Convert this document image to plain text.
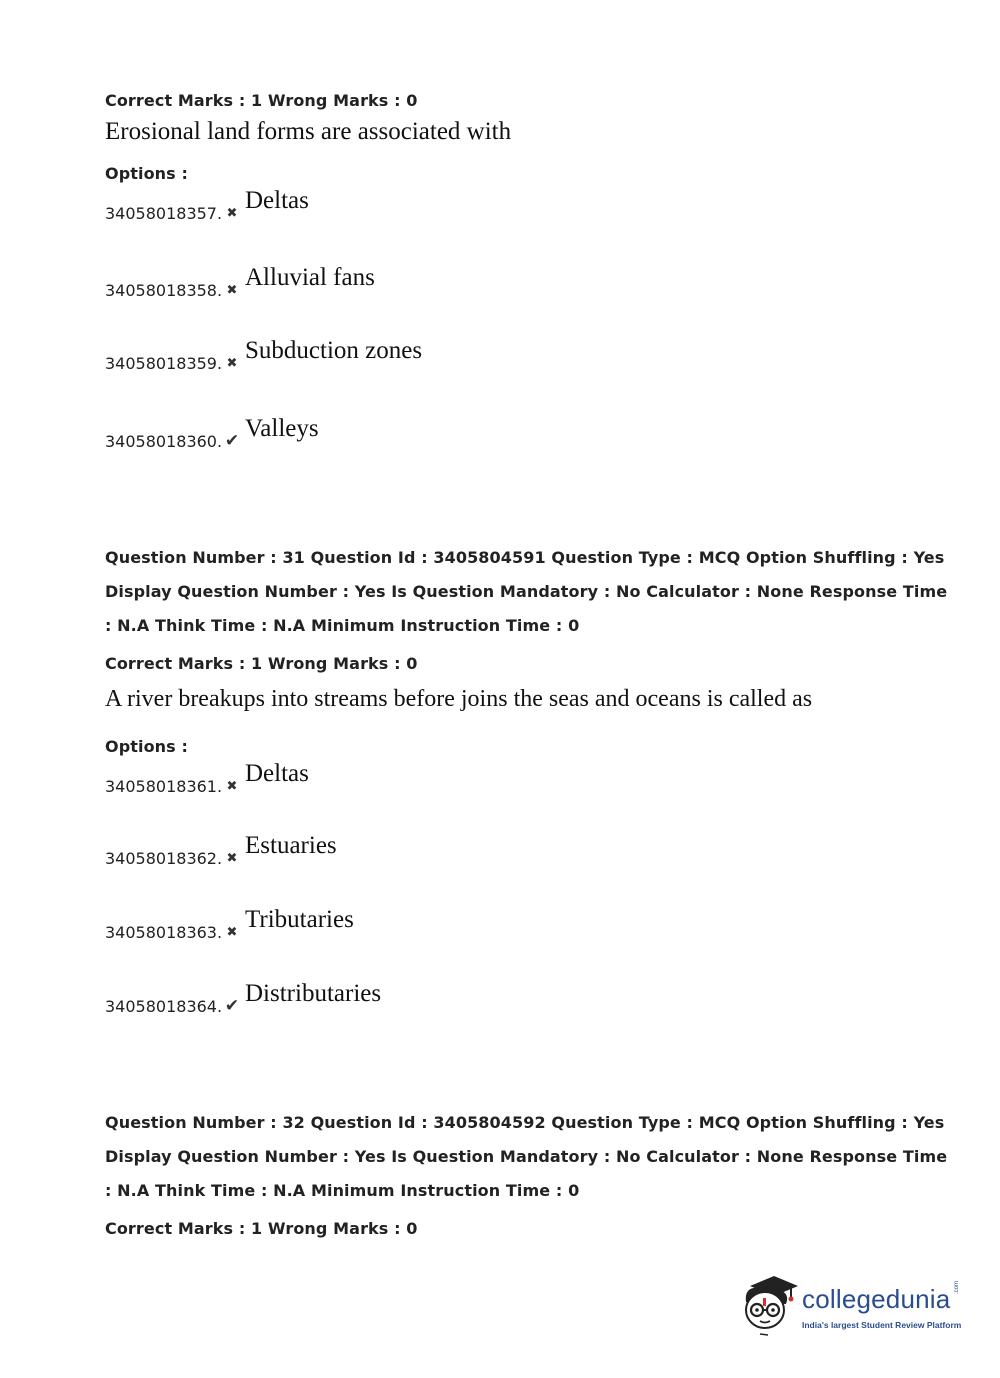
Correct Marks : 1 Wrong Marks : 0
Erosional land forms are associated with
Options :
34058018357. ✖ Deltas
34058018358. ✖ Alluvial fans
34058018359. ✖ Subduction zones
34058018360. ✔ Valleys
Question Number : 31 Question Id : 3405804591 Question Type : MCQ Option Shuffling : Yes
Display Question Number : Yes Is Question Mandatory : No Calculator : None Response Time
: N.A Think Time : N.A Minimum Instruction Time : 0
Correct Marks : 1 Wrong Marks : 0
A river breakups into streams before joins the seas and oceans is called as
Options :
34058018361. ✖ Deltas
34058018362. ✖ Estuaries
34058018363. ✖ Tributaries
34058018364. ✔ Distributaries
Question Number : 32 Question Id : 3405804592 Question Type : MCQ Option Shuffling : Yes
Display Question Number : Yes Is Question Mandatory : No Calculator : None Response Time
: N.A Think Time : N.A Minimum Instruction Time : 0
Correct Marks : 1 Wrong Marks : 0
collegedunia .com
India's largest Student Review Platform
